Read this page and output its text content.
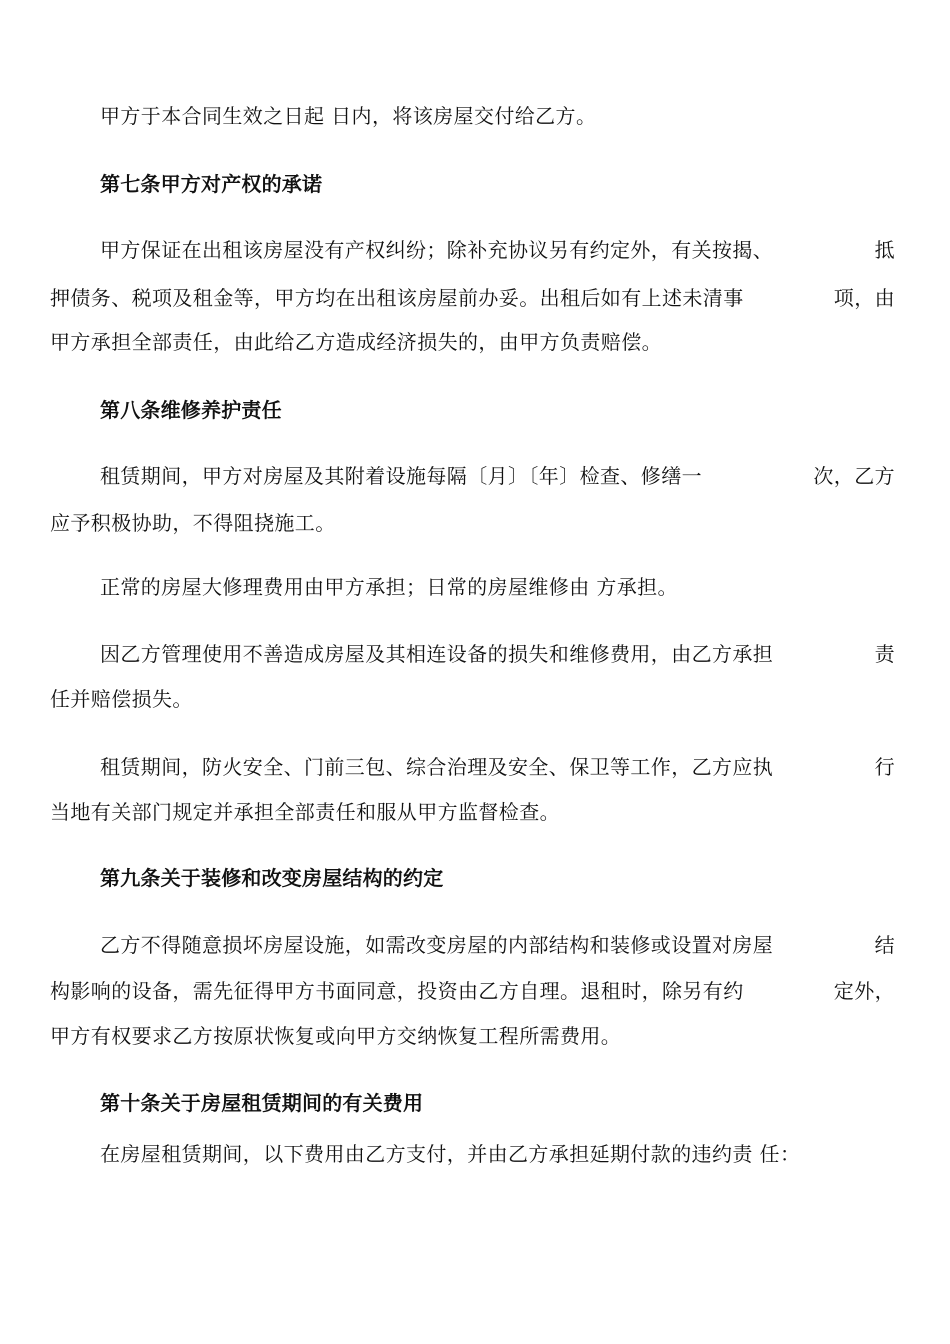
甲方于本合同生效之日起 日内，将该房屋交付给乙方。
第七条甲方对产权的承诺
甲方保证在出租该房屋没有产权纠纷；除补充协议另有约定外，有关按揭、	抵
押债务、税项及租金等，甲方均在出租该房屋前办妥。出租后如有上述未清事	项，由
甲方承担全部责任，由此给乙方造成经济损失的，由甲方负责赔偿。
第八条维修养护责任
租赁期间，甲方对房屋及其附着设施每隔〔月〕〔年〕检查、修缮一	次，乙方
应予积极协助，不得阻挠施工。
正常的房屋大修理费用由甲方承担；日常的房屋维修由 方承担。
因乙方管理使用不善造成房屋及其相连设备的损失和维修费用，由乙方承担	责
任并赔偿损失。
租赁期间，防火安全、门前三包、综合治理及安全、保卫等工作，乙方应执	行
当地有关部门规定并承担全部责任和服从甲方监督检查。
第九条关于装修和改变房屋结构的约定
乙方不得随意损坏房屋设施，如需改变房屋的内部结构和装修或设置对房屋	结
构影响的设备，需先征得甲方书面同意，投资由乙方自理。退租时，除另有约	定外，
甲方有权要求乙方按原状恢复或向甲方交纳恢复工程所需费用。
第十条关于房屋租赁期间的有关费用
在房屋租赁期间，以下费用由乙方支付，并由乙方承担延期付款的违约责 任：
